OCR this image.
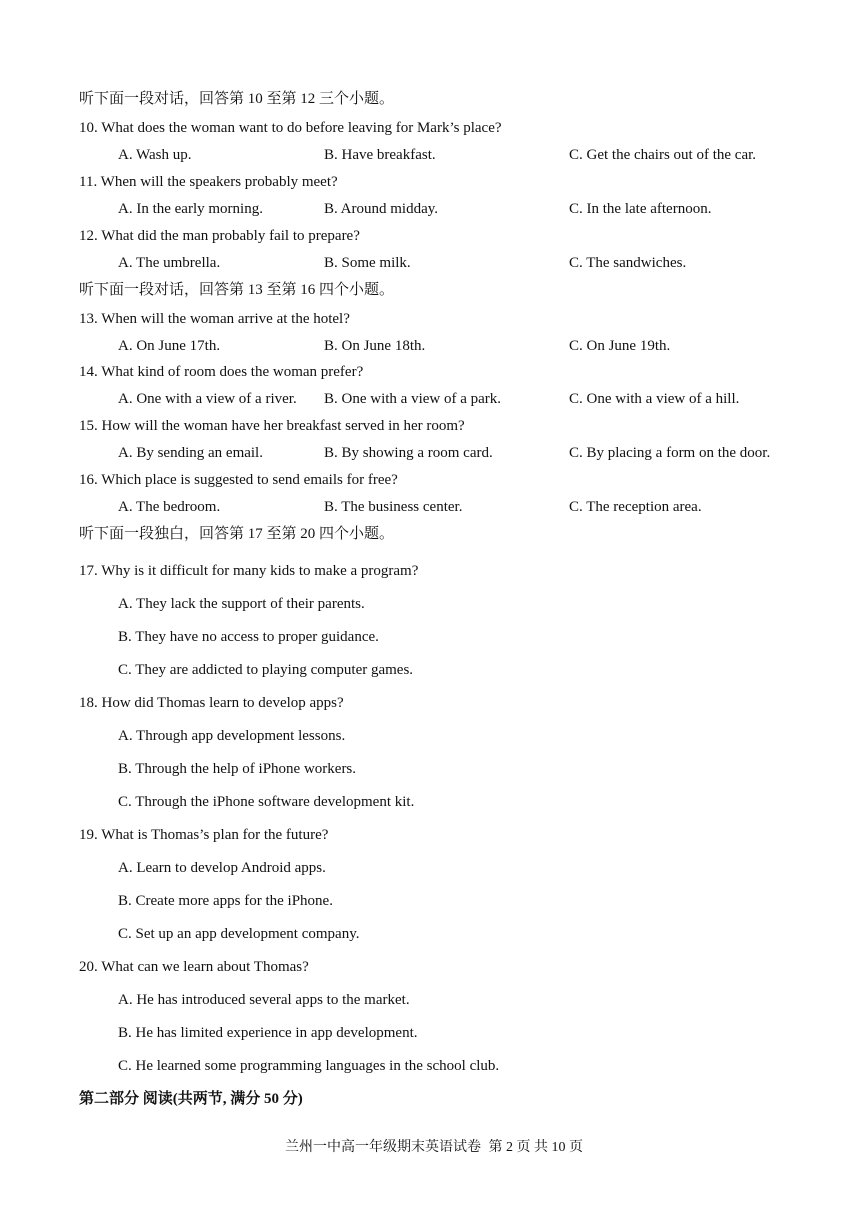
听下面一段对话，回答第 10 至第 12 三个小题。
10. What does the woman want to do before leaving for Mark’s place?
A. Wash up.	B. Have breakfast.	C. Get the chairs out of the car.
11. When will the speakers probably meet?
A. In the early morning.	B. Around midday.	C. In the late afternoon.
12. What did the man probably fail to prepare?
A. The umbrella.	B. Some milk.	C. The sandwiches.
听下面一段对话，回答第 13 至第 16 四个小题。
13. When will the woman arrive at the hotel?
A. On June 17th.	B. On June 18th.	C. On June 19th.
14. What kind of room does the woman prefer?
A. One with a view of a river. B. One with a view of a park.	C. One with a view of a hill.
15. How will the woman have her breakfast served in her room?
A. By sending an email.	B. By showing a room card.	C. By placing a form on the door.
16. Which place is suggested to send emails for free?
A. The bedroom.	B. The business center.	C. The reception area.
听下面一段独白，回答第 17 至第 20 四个小题。
17. Why is it difficult for many kids to make a program?
A. They lack the support of their parents.
B. They have no access to proper guidance.
C. They are addicted to playing computer games.
18. How did Thomas learn to develop apps?
A. Through app development lessons.
B. Through the help of iPhone workers.
C. Through the iPhone software development kit.
19. What is Thomas’s plan for the future?
A. Learn to develop Android apps.
B. Create more apps for the iPhone.
C. Set up an app development company.
20. What can we learn about Thomas?
A. He has introduced several apps to the market.
B. He has limited experience in app development.
C. He learned some programming languages in the school club.
第二部分 阅读(共两节, 满分 50 分)
兰州一中高一年级期末英语试卷 第 2 页 共 10 页
